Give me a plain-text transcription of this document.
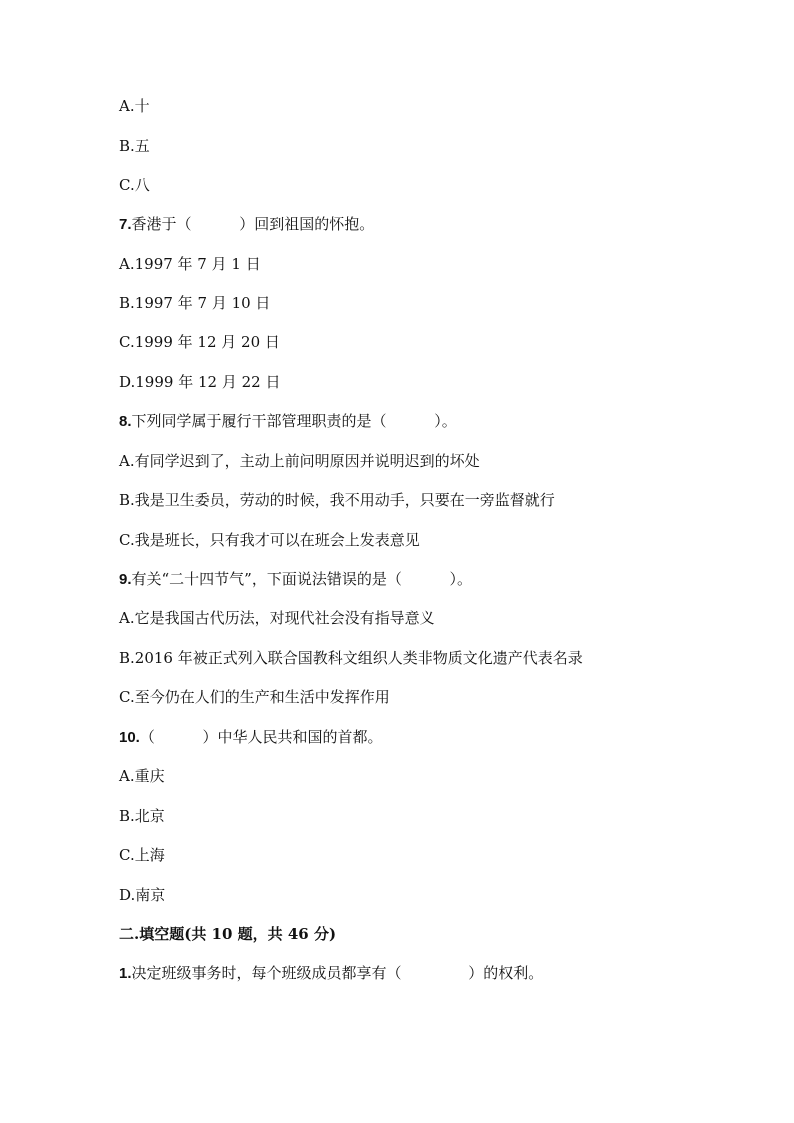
A.十
B.五
C.八
7.香港于（          ）回到祖国的怀抱。
A.1997 年 7 月 1 日
B.1997 年 7 月 10 日
C.1999 年 12 月 20 日
D.1999 年 12 月 22 日
8.下列同学属于履行干部管理职责的是（          ）。
A.有同学迟到了，主动上前问明原因并说明迟到的坏处
B.我是卫生委员，劳动的时候，我不用动手，只要在一旁监督就行
C.我是班长，只有我才可以在班会上发表意见
9.有关“二十四节气”，下面说法错误的是（          ）。
A.它是我国古代历法，对现代社会没有指导意义
B.2016 年被正式列入联合国教科文组织人类非物质文化遗产代表名录
C.至今仍在人们的生产和生活中发挥作用
10.（          ）中华人民共和国的首都。
A.重庆
B.北京
C.上海
D.南京
二.填空题(共 10 题，共 46 分)
1.决定班级事务时，每个班级成员都享有（              ）的权利。
